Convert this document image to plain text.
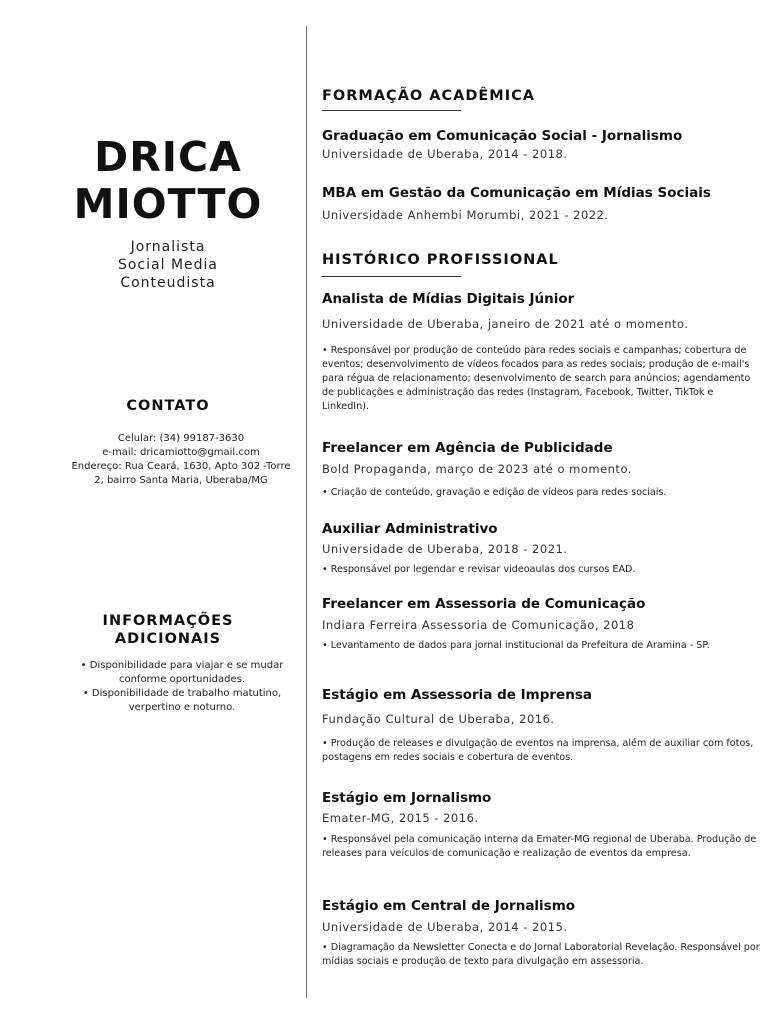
DRICA
MIOTTO
Jornalista
Social Media
Conteudista
CONTATO
Celular: (34) 99187-3630
e-mail: dricamiotto@gmail.com
Endereço: Rua Ceará, 1630, Apto 302 -Torre
2, bairro Santa Maria, Uberaba/MG
INFORMAÇÕES
ADICIONAIS
• Disponibilidade para viajar e se mudar conforme oportunidades.
• Disponibilidade de trabalho matutino, verpertino e noturno.
FORMAÇÃO ACADÊMICA
Graduação em Comunicação Social - Jornalismo
Universidade de Uberaba, 2014 - 2018.
MBA em Gestão da Comunicação em Mídias Sociais
Universidade Anhembi Morumbi, 2021 - 2022.
HISTÓRICO PROFISSIONAL
Analista de Mídias Digitais Júnior
Universidade de Uberaba, janeiro de 2021 até o momento.
• Responsável por produção de conteúdo para redes sociais e campanhas; cobertura de eventos; desenvolvimento de vídeos focados para as redes sociais; produção de e-mail's para régua de relacionamento; desenvolvimento de search para anúncios; agendamento de publicações e administração das redes (Instagram, Facebook, Twitter, TikTok e LinkedIn).
Freelancer em Agência de Publicidade
Bold Propaganda, março de 2023 até o momento.
• Criação de conteúdo, gravação e edição de vídeos para redes sociais.
Auxiliar Administrativo
Universidade de Uberaba, 2018 - 2021.
• Responsável por legendar e revisar videoaulas dos cursos EAD.
Freelancer em Assessoria de Comunicação
Indiara Ferreira Assessoria de Comunicação, 2018
• Levantamento de dados para jornal institucional da Prefeitura de Aramina - SP.
Estágio em Assessoria de Imprensa
Fundação Cultural de Uberaba, 2016.
• Produção de releases e divulgação de eventos na imprensa, além de auxiliar com fotos, postagens em redes sociais e cobertura de eventos.
Estágio em Jornalismo
Emater-MG, 2015 - 2016.
• Responsável pela comunicação interna da Emater-MG regional de Uberaba. Produção de releases para veículos de comunicação e realização de eventos da empresa.
Estágio em Central de Jornalismo
Universidade de Uberaba, 2014 - 2015.
• Diagramação da Newsletter Conecta e do Jornal Laboratorial Revelação. Responsável por mídias sociais e produção de texto para divulgação em assessoria.
